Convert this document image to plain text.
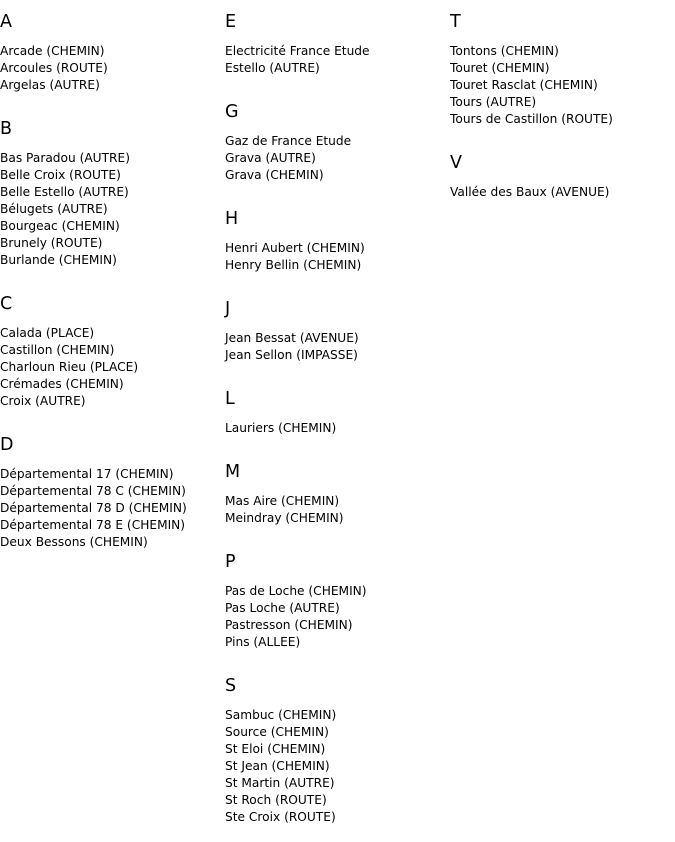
A
Arcade (CHEMIN)
Arcoules (ROUTE)
Argelas (AUTRE)
B
Bas Paradou (AUTRE)
Belle Croix (ROUTE)
Belle Estello (AUTRE)
Bélugets (AUTRE)
Bourgeac (CHEMIN)
Brunely (ROUTE)
Burlande (CHEMIN)
C
Calada (PLACE)
Castillon (CHEMIN)
Charloun Rieu (PLACE)
Crémades (CHEMIN)
Croix (AUTRE)
D
Départemental 17 (CHEMIN)
Départemental 78 C (CHEMIN)
Départemental 78 D (CHEMIN)
Départemental 78 E (CHEMIN)
Deux Bessons (CHEMIN)
E
Electricité France Etude
Estello (AUTRE)
G
Gaz de France Etude
Grava (AUTRE)
Grava (CHEMIN)
H
Henri Aubert (CHEMIN)
Henry Bellin (CHEMIN)
J
Jean Bessat (AVENUE)
Jean Sellon (IMPASSE)
L
Lauriers (CHEMIN)
M
Mas Aire (CHEMIN)
Meindray (CHEMIN)
P
Pas de Loche (CHEMIN)
Pas Loche (AUTRE)
Pastresson (CHEMIN)
Pins (ALLEE)
S
Sambuc (CHEMIN)
Source (CHEMIN)
St Eloi (CHEMIN)
St Jean (CHEMIN)
St Martin (AUTRE)
St Roch (ROUTE)
Ste Croix (ROUTE)
T
Tontons (CHEMIN)
Touret (CHEMIN)
Touret Rasclat (CHEMIN)
Tours (AUTRE)
Tours de Castillon (ROUTE)
V
Vallée des Baux (AVENUE)
